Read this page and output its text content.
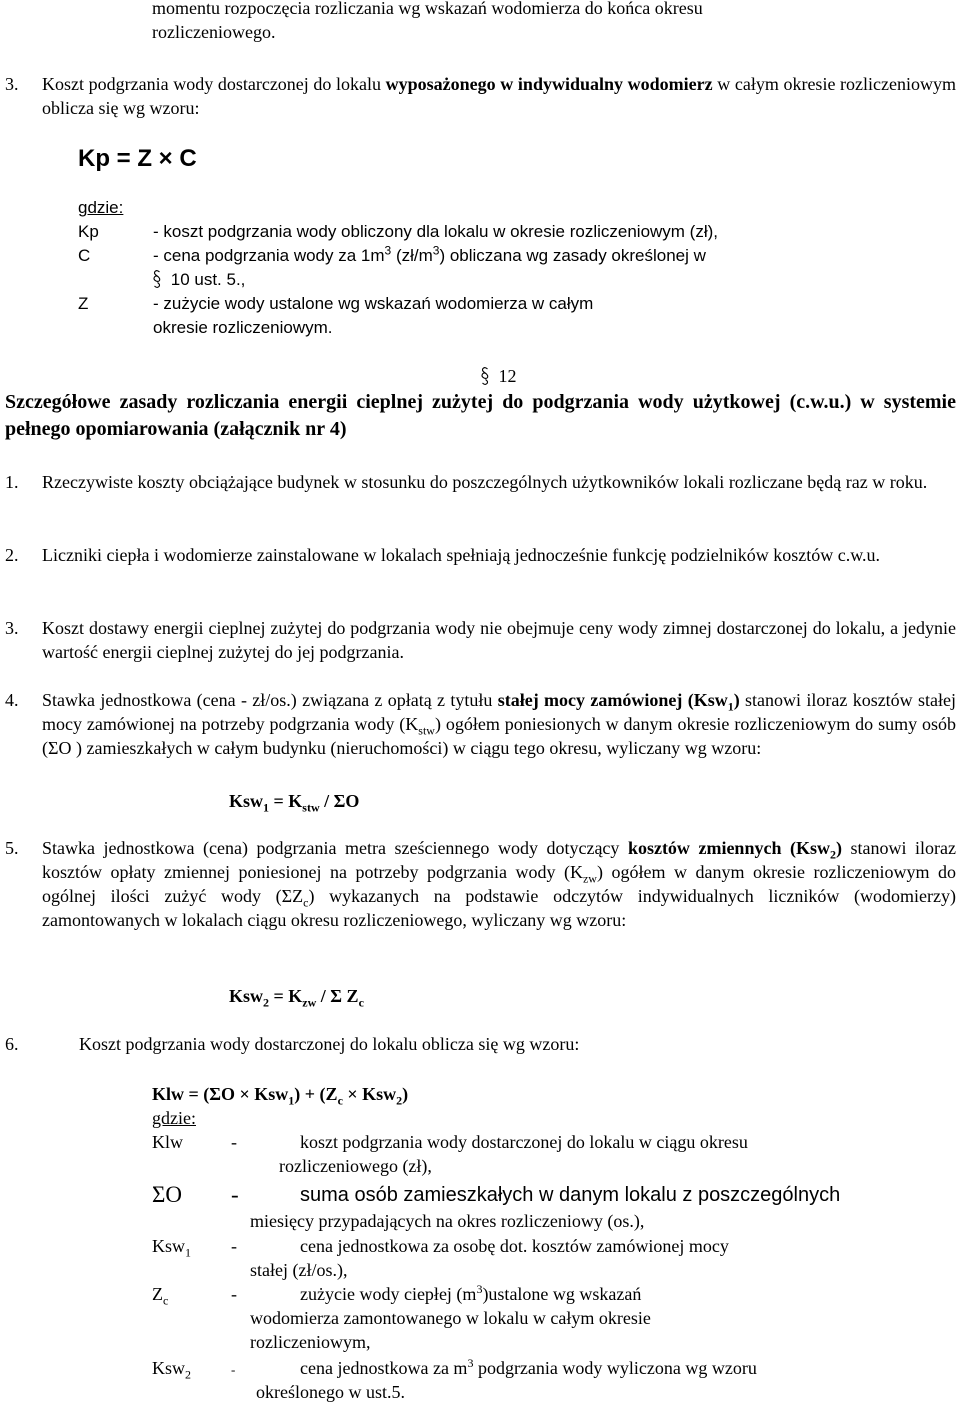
momentu rozpoczęcia rozliczania wg wskazań wodomierza do końca okresu
rozliczeniowego.
3. Koszt podgrzania wody dostarczonej do lokalu wyposażonego w indywidualny wodomierz w całym okresie rozliczeniowym oblicza się wg wzoru:
Kp = Z × C
gdzie:
Kp	- koszt podgrzania wody obliczony dla lokalu w okresie rozliczeniowym (zł),
C	- cena podgrzania wody za $1m^3$ $(zł/m^3)$ obliczana wg zasady określonej w
10 ust. 5.,
Z	- zużycie wody ustalone wg wskazań wodomierza w całym
okresie rozliczeniowym.
12
Szczegółowe zasady rozliczania energii cieplnej zużytej do podgrzania wody użytkowej (c.w.u.) w systemie pełnego opomiarowania (załącznik nr 4)
1. Rzeczywiste koszty obciążające budynek w stosunku do poszczególnych użytkowników lokali rozliczane będą raz w roku.
2. Liczniki ciepła i wodomierze zainstalowane w lokalach spełniają jednocześnie funkcję podzielników kosztów c.w.u.
3. Koszt dostawy energii cieplnej zużytej do podgrzania wody nie obejmuje ceny wody zimnej dostarczonej do lokalu, a jedynie wartość energii cieplnej zużytej do jej podgrzania.
4. Stawka jednostkowa (cena - zł/os.) związana z opłatą z tytułu stałej mocy zamówionej (Ksw$_1$) stanowi iloraz kosztów stałej mocy zamówionej na potrzeby podgrzania wody $(K_{stw})$ ogółem poniesionych w danym okresie rozliczeniowym do sumy osób (ΣO ) zamieszkałych w całym budynku (nieruchomości) w ciągu tego okresu, wyliczany wg wzoru:
$Ksw_1 = K_{stw} / \Sigma O$
5. Stawka jednostkowa (cena) podgrzania metra sześciennego wody dotyczący kosztów zmiennych (Ksw$_2$) stanowi iloraz kosztów opłaty zmiennej poniesionej na potrzeby podgrzania wody $(K_{zw})$ ogółem w danym okresie rozliczeniowym do ogólnej ilości zużyć wody $(\Sigma Z_c)$ wykazanych na podstawie odczytów indywidualnych liczników (wodomierzy) zamontowanych w lokalach ciągu okresu rozliczeniowego, wyliczany wg wzoru:
$Ksw_2 = K_{zw} / \Sigma$ $Z_c$
6.	Koszt podgrzania wody dostarczonej do lokalu oblicza się wg wzoru:
Klw = $(\Sigma O \times Ksw_1) + (Z_c \times Ksw_2)$
gdzie:
Klw	-	koszt podgrzania wody dostarczonej do lokalu w ciągu okresu
rozliczeniowego (zł),
ΣO -	suma osób zamieszkałych w danym lokalu z poszczególnych
miesięcy przypadających na okres rozliczeniowy (os.),
Ksw$_1$ -	cena jednostkowa za osobę dot. kosztów zamówionej mocy
stałej (zł/os.),
$Z_c$	-	zużycie wody ciepłej $(m^3)ustalone$ wg wskazań
wodomierza zamontowanego w lokalu w całym okresie
rozliczeniowym,
Ksw$_2$	-	cena jednostkowa za $m^3$ podgrzania wody wyliczona wg wzoru
określonego w ust.5.
